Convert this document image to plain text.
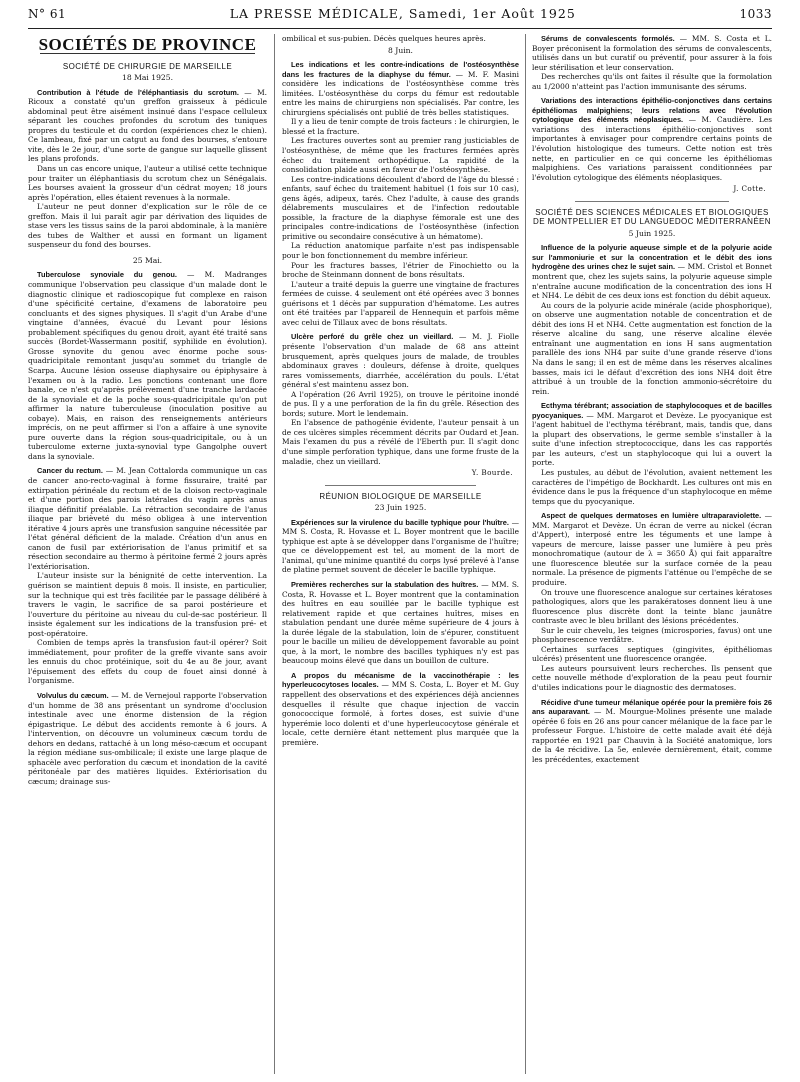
N° 61	LA PRESSE MÉDICALE, Samedi, 1er Août 1925	1033
SOCIÉTÉS DE PROVINCE
SOCIÉTÉ DE CHIRURGIE DE MARSEILLE
18 Mai 1925.

Contribution à l'étude de l'éléphantiasis du scrotum. — M. Ricoux a constaté qu'un greffon graisseux à pédicule abdominal peut être aisément insinué dans l'espace celluleux séparant les couches profondes du scrotum des tuniques propres du testicule et du cordon (expériences chez le chien). Ce lambeau, fixé par un catgut au fond des bourses, s'entoure vite, dès le 2e jour, d'une sorte de gangue sur laquelle glissent les plans profonds.

Dans un cas encore unique, l'auteur a utilisé cette technique pour traiter un éléphantiasis du scrotum chez un Sénégalais. Les bourses avaient la grosseur d'un cédrat moyen; 18 jours après l'opération, elles étaient revenues à la normale.

L'auteur ne peut donner d'explication sur le rôle de ce greffon. Mais il lui paraît agir par dérivation des liquides de stase vers les tissus sains de la paroi abdominale, à la manière des tubes de Walther et aussi en formant un ligament suspenseur du fond des bourses.

25 Mai.

Tuberculose synoviale du genou. — M. Madranges communique l'observation peu classique d'un malade dont le diagnostic clinique et radioscopique fut complexe en raison d'une spécificité certaine, d'examens de laboratoire peu concluants et des signes physiques. Il s'agit d'un Arabe d'une vingtaine d'années, évacué du Levant pour lésions probablement spécifiques du genou droit, ayant été traité sans succès (Bordet-Wassermann positif, syphilide en évolution). Grosse synovite du genou avec énorme poche sous-quadricipitale remontant jusqu'au sommet du triangle de Scarpa. Aucune lésion osseuse diaphysaire ou épiphysaire à l'examen ou à la radio. Les ponctions contenant une flore banale, ce n'est qu'après prélèvement d'une tranche lardacée de la synoviale et de la poche sous-quadricipitale qu'on put affirmer la nature tuberculeuse (inoculation positive au cobaye). Mais, en raison des renseignements antérieurs imprécis, on ne peut affirmer si l'on a affaire à une synovite pure ouverte dans la région sous-quadricipitale, ou à un tuberculome externe juxta-synovial type Gangolphe ouvert dans la synoviale.

Cancer du rectum. — M. Jean Cottalorda communique un cas de cancer ano-recto-vaginal à forme fissuraire, traité par extirpation périnéale du rectum et de la cloison recto-vaginale et d'une portion des parois latérales du vagin après anus iliaque définitif préalable. La rétraction secondaire de l'anus iliaque par brièveté du méso obligea à une intervention itérative 4 jours après une transfusion sanguine nécessitée par l'état général déficient de la malade. Création d'un anus en canon de fusil par extériorisation de l'anus primitif et sa résection secondaire au thermo à péritoine fermé 2 jours après l'extériorisation.

L'auteur insiste sur la bénignité de cette intervention. La guérison se maintient depuis 8 mois. Il insiste, en particulier, sur la technique qui est très facilitée par le passage délibéré à travers le vagin, le sacrifice de sa paroi postérieure et l'ouverture du péritoine au niveau du cul-de-sac postérieur. Il insiste également sur les indications de la transfusion pré- et post-opératoire.

Combien de temps après la transfusion faut-il opérer? Soit immédiatement, pour profiter de la greffe vivante sans avoir les ennuis du choc protéinique, soit du 4e au 8e jour, avant l'épuisement des effets du coup de fouet ainsi donné à l'organisme.

Volvulus du cæcum. — M. de Vernejoul rapporte l'observation d'un homme de 38 ans présentant un syndrome d'occlusion intestinale avec une énorme distension de la région épigastrique. Le début des accidents remonte à 6 jours. A l'intervention, on découvre un volumineux cæcum tordu de dehors en dedans, rattaché à un long méso-cæcum et occupant la région médiane sus-ombilicale; il existe une large plaque de sphacèle avec perforation du cæcum et inondation de la cavité péritonéale par des matières liquides. Extériorisation du cæcum; drainage sus-

ombilical et sus-pubien. Décès quelques heures après.

8 Juin.

Les indications et les contre-indications de l'ostéosynthèse dans les fractures de la diaphyse du fémur. — M. F. Masini considère les indications de l'ostéosynthèse comme très limitées. L'ostéosynthèse du corps du fémur est redoutable entre les mains de chirurgiens non spécialisés. Par contre, les chirurgiens spécialisés ont publié de très belles statistiques.

Il y a lieu de tenir compte de trois facteurs : le chirurgien, le blessé et la fracture.

Les fractures ouvertes sont au premier rang justiciables de l'ostéosynthèse, de même que les fractures fermées après échec du traitement orthopédique. La rapidité de la consolidation plaide aussi en faveur de l'ostéosynthèse.

Les contre-indications découlent d'abord de l'âge du blessé : enfants, sauf échec du traitement habituel (1 fois sur 10 cas), gens âgés, adipeux, tarés. Chez l'adulte, à cause des grands délabrements musculaires et de l'infection redoutable possible, la fracture de la diaphyse fémorale est une des principales contre-indications de l'ostéosynthèse (infection primitive ou secondaire consécutive à un hématome).

La réduction anatomique parfaite n'est pas indispensable pour le bon fonctionnement du membre inférieur.

Pour les fractures basses, l'étrier de Finochietto ou la broche de Steinmann donnent de bons résultats.

L'auteur a traité depuis la guerre une vingtaine de fractures fermées de cuisse. 4 seulement ont été opérées avec 3 bonnes guérisons et 1 décès par suppuration d'hématome. Les autres ont été traitées par l'appareil de Hennequin et parfois même avec celui de Tillaux avec de bons résultats.

Ulcère perforé du grêle chez un vieillard. — M. J. Fiolle présente l'observation d'un malade de 68 ans atteint brusquement, après quelques jours de malade, de troubles abdominaux graves : douleurs, défense à droite, quelques rares vomissements, diarrhée, accélération du pouls. L'état général s'est maintenu assez bon.

A l'opération (26 Avril 1925), on trouve le péritoine inondé de pus. Il y a une perforation de la fin du grêle. Résection des bords; suture. Mort le lendemain.

En l'absence de pathogénie évidente, l'auteur pensait à un de ces ulcères simples récemment décrits par Oudard et Jean. Mais l'examen du pus a révélé de l'Eberth pur. Il s'agit donc d'une simple perforation typhique, dans une forme fruste de la maladie, chez un vieillard.

Y. Bourde.
RÉUNION BIOLOGIQUE DE MARSEILLE
23 Juin 1925.

Expériences sur la virulence du bacille typhique pour l'huître. — MM S. Costa, R. Hovasse et L. Boyer montrent que le bacille typhique est apte à se développer dans l'organisme de l'huître; que ce développement est tel, au moment de la mort de l'animal, qu'une minime quantité du corps lysé prélevé à l'anse de platine permet souvent de déceler le bacille typhique.

Premières recherches sur la stabulation des huîtres. — MM. S. Costa, R. Hovasse et L. Boyer montrent que la contamination des huîtres en eau souillée par le bacille typhique est relativement rapide et que certaines huîtres, mises en stabulation pendant une durée même supérieure de 4 jours à la durée légale de la stabulation, loin de s'épurer, constituent pour le bacille un milieu de développement favorable au point que, à la mort, le nombre des bacilles typhiques n'y est pas beaucoup moins élevé que dans un bouillon de culture.

A propos du mécanisme de la vaccinothérapie : les hyperleucocytoses locales. — MM S. Costa, L. Boyer et M. Guy rappellent des observations et des expériences déjà anciennes desquelles il résulte que chaque injection de vaccin gonococcique formolé, à fortes doses, est suivie d'une hyperémie loco dolenti et d'une hyperleucocytose générale et locale, cette dernière étant nettement plus marquée que la première.

Sérums de convalescents formolés. — MM. S. Costa et L. Boyer préconisent la formolation des sérums de convalescents, utilisés dans un but curatif ou préventif, pour assurer à la fois leur stérilisation et leur conservation.

Des recherches qu'ils ont faites il résulte que la formolation au 1/2000 n'atteint pas l'action immunisante des sérums.

Variations des interactions épithélio-conjonctives dans certains épithéliomas malpighiens; leurs relations avec l'évolution cytologique des éléments néoplasiques. — M. Caudière. Les variations des interactions épithélio-conjonctives sont importantes à envisager pour comprendre certains points de l'évolution histologique des tumeurs. Cette notion est très nette, en particulier en ce qui concerne les épithéliomas malpighiens. Ces variations paraissent conditionnées par l'évolution cytologique des éléments néoplasiques.

J. Cotte.
SOCIÉTÉ DES SCIENCES MÉDICALES ET BIOLOGIQUES DE MONTPELLIER ET DU LANGUEDOC MÉDITERRANÉEN
5 Juin 1925.

Influence de la polyurie aqueuse simple et de la polyurie acide sur l'ammoniurie et sur la concentration et le débit des ions hydrogène des urines chez le sujet sain. — MM. Cristol et Bonnet montrent que, chez les sujets sains, la polyurie aqueuse simple n'entraîne aucune modification de la concentration des ions H et NH4. Le débit de ces deux ions est fonction du débit aqueux.

Au cours de la polyurie acide minérale (acide phosphorique), on observe une augmentation notable de concentration et de débit des ions H et NH4. Cette augmentation est fonction de la réserve alcaline du sang, une réserve alcaline élevée entraînant une augmentation en ions H sans augmentation parallèle des ions NH4 par suite d'une grande réserve d'ions Na dans le sang; il en est de même dans les réserves alcalines basses, mais ici le défaut d'excrétion des ions NH4 doit être attribué à un trouble de la fonction ammonio-sécrétoire du rein.

Ecthyma térébrant; association de staphylocoques et de bacilles pyocyaniques. — MM. Margarot et Devèze. Le pyocyanique est l'agent habituel de l'ecthyma térébrant, mais, tandis que, dans la plupart des observations, le germe semble s'installer à la suite d'une infection streptococcique, dans les cas rapportés par les auteurs, c'est un staphylocoque qui lui a ouvert la porte.

Les pustules, au début de l'évolution, avaient nettement les caractères de l'impétigo de Bockhardt. Les cultures ont mis en évidence dans le pus la fréquence d'un staphylocoque en même temps que du pyocyanique.

Aspect de quelques dermatoses en lumière ultraparaviolette. — MM. Margarot et Devèze. Un écran de verre au nickel (écran d'Appert), interposé entre les téguments et une lampe à vapeurs de mercure, laisse passer une lumière à peu près monochromatique (autour de λ = 3650 Å) qui fait apparaître une fluorescence bleutée sur la surface cornée de la peau normale. La présence de pigments l'atténue ou l'empêche de se produire.

On trouve une fluorescence analogue sur certaines kératoses pathologiques, alors que les parakératoses donnent lieu à une fluorescence plus discrète dont la teinte blanc jaunâtre contraste avec le bleu brillant des lésions précédentes.

Sur le cuir chevelu, les teignes (microspories, favus) ont une phosphorescence verdâtre.

Certaines surfaces septiques (gingivites, épithéliomas ulcérés) présentent une fluorescence orangée.

Les auteurs poursuivent leurs recherches. Ils pensent que cette nouvelle méthode d'exploration de la peau peut fournir d'utiles indications pour le diagnostic des dermatoses.

Récidive d'une tumeur mélanique opérée pour la première fois 26 ans auparavant. — M. Mourgue-Molines présente une malade opérée 6 fois en 26 ans pour cancer mélanique de la face par le professeur Forgue. L'histoire de cette malade avait été déjà rapportée en 1921 par Chauvin à la Société anatomique, lors de la 4e récidive. La 5e, enlevée dernièrement, était, comme les précédentes, exactement
